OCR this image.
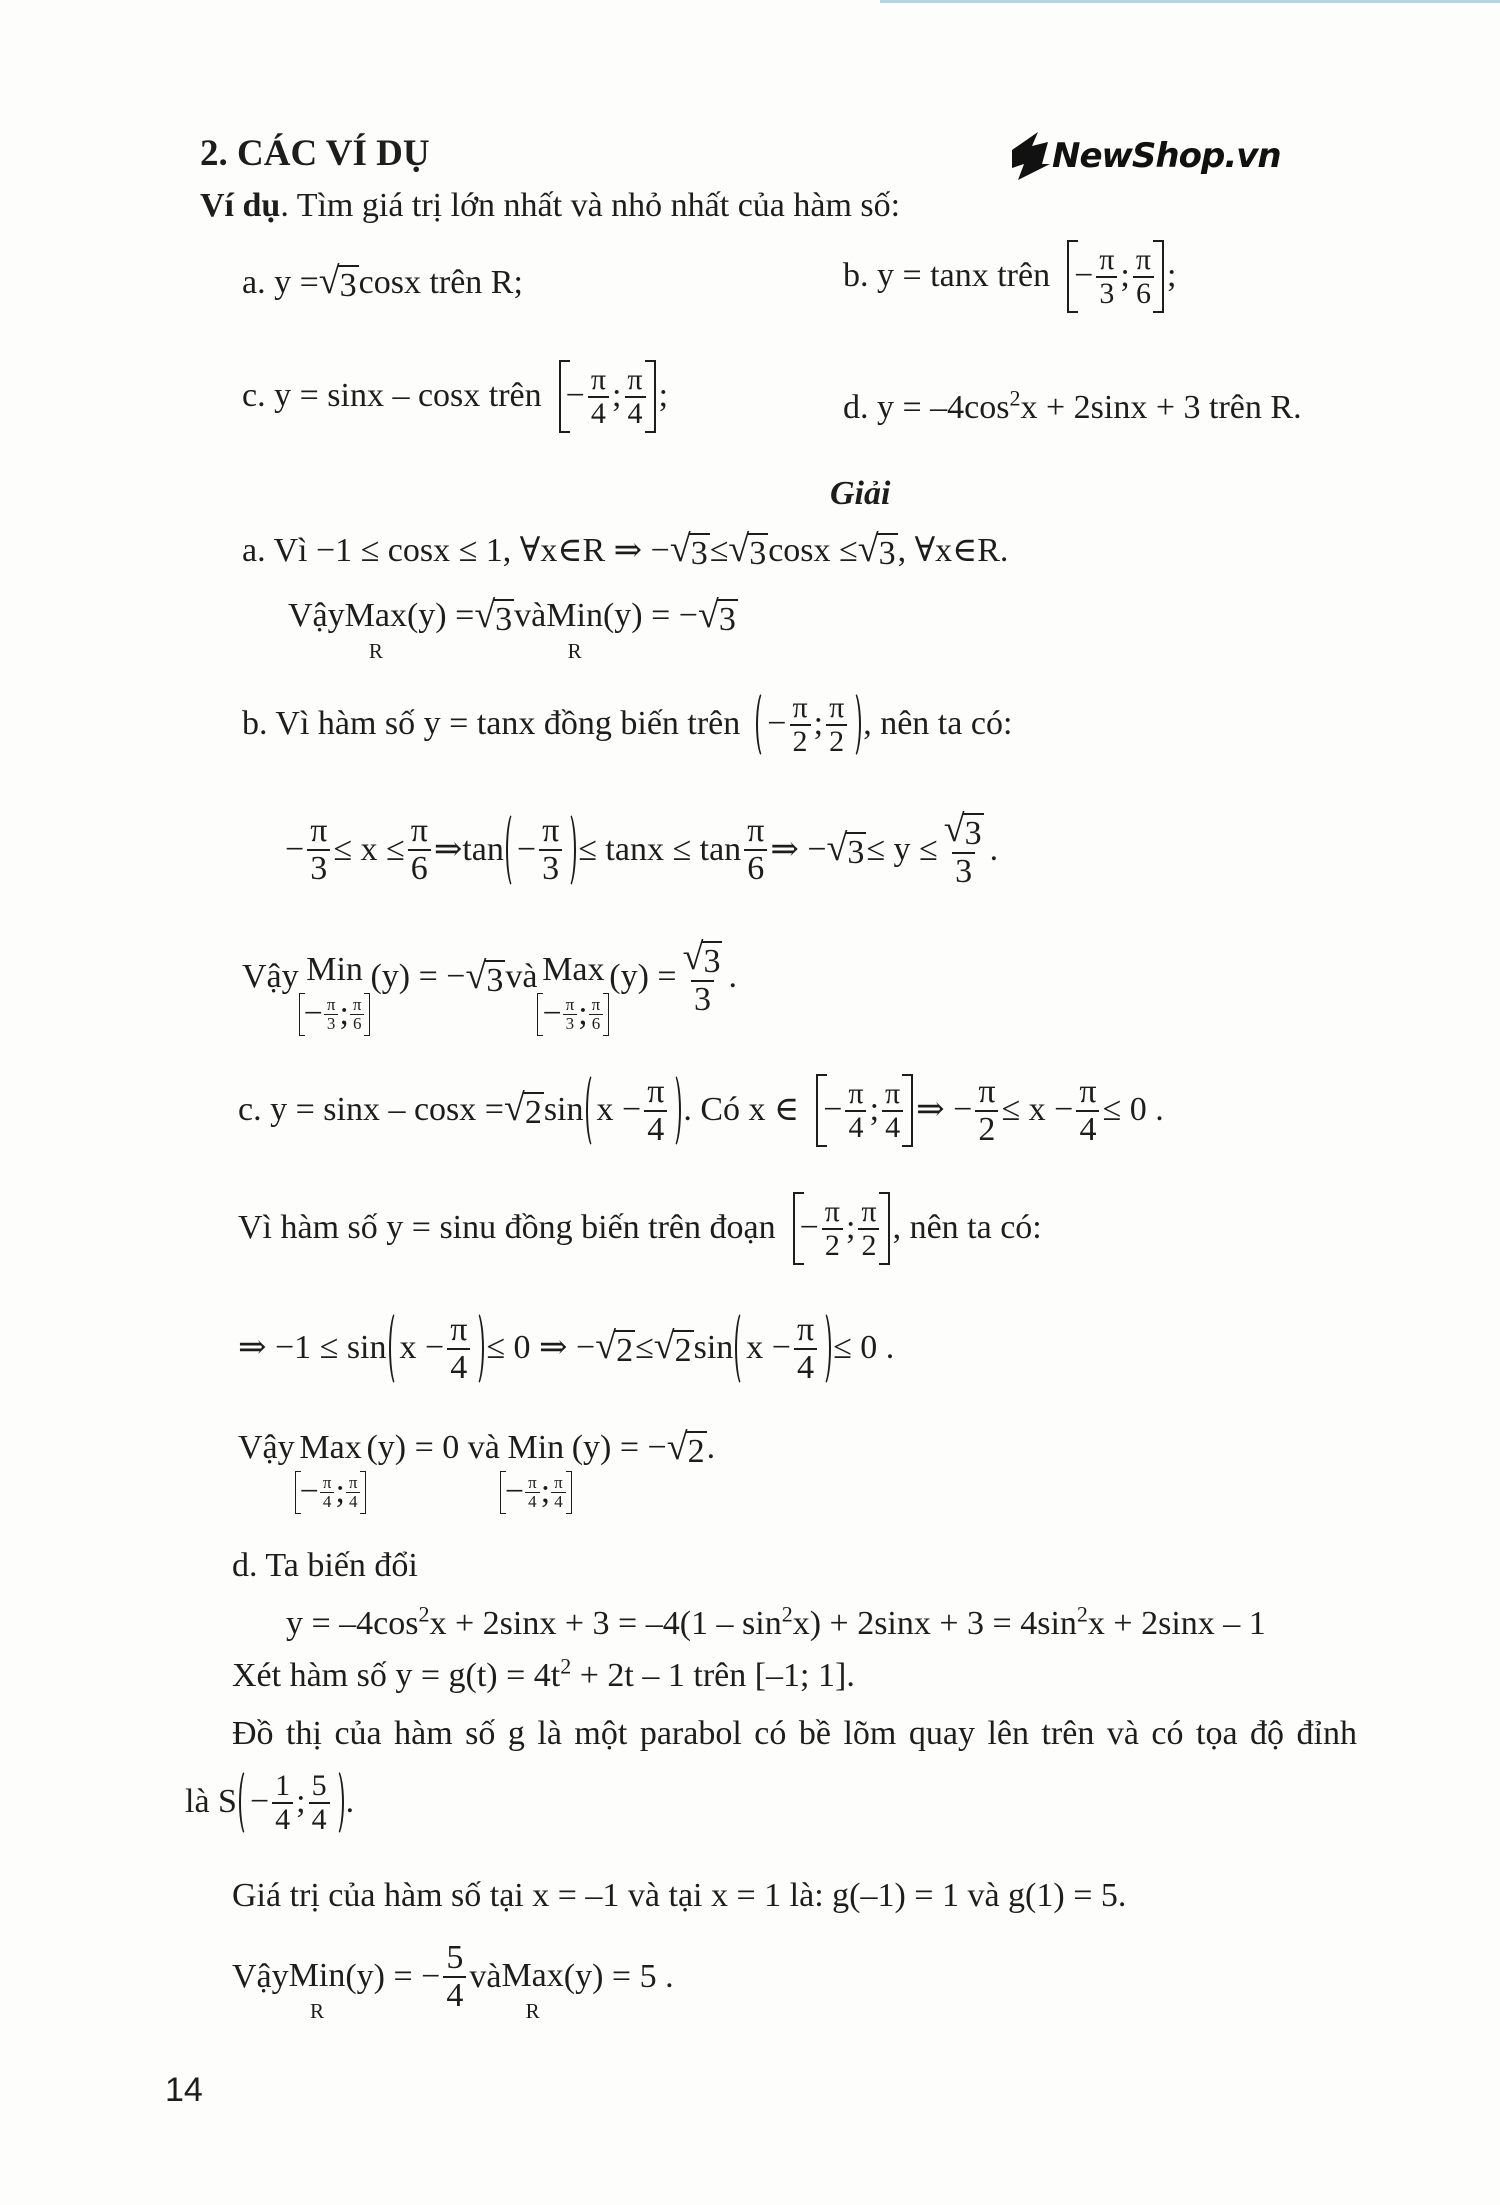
2. CÁC VÍ DỤ	NewShop.vn
Ví dụ. Tìm giá trị lớn nhất và nhỏ nhất của hàm số:
a. y = √ 3 cosx trên R;	b. y = tanx trên − $\frac{\pi}{3}$ ; π
6 ;
c. y = sinx – cosx trên − $\frac{\pi}{4}$ ; π
4 ;	d. $y = -4\cos^2x + 2\sin x + 3$ trên R.
Giải
a. Vì −1 ≤ cosx ≤ 1, ∀x∈R ⇒ − √ 3 ≤ √ 3 cosx ≤ √ 3 , ∀x∈R.
Vậy Max
R
(y) = √ 3 và Min
R
(y) = − √ 3
b. Vì hàm số y = tanx đồng biến trên − $\frac{\pi}{2}$ ; π
2 , nên ta có:
− $\frac{\pi}{3} \le x \le \frac{\pi}{6}$ ⇒ $\tan - \frac{\pi}{3} \le \tan x \le \tan \pi$
6
⇒ − √ $3 \le y \le \frac{√ 3}{3}$ .
Vậy Min
− $\frac{\pi}{3}$ ; π
6
(y) = − √ 3 và Max
− $\frac{\pi}{3}$ ; π
6
$(y) = \frac{√ 3}{3}$ .
c. y = sinx – cosx = √ 2 $\sin x - \frac{\pi}{4}$ . Có x ∈ − $\frac{\pi}{4}$ ; π
4 ⇒ − $\frac{\pi}{2} \le x - \frac{\pi}{4} \le 0$ .
Vì hàm số y = sinu đồng biến trên đoạn − $\frac{\pi}{2}$ ; π
2 , nên ta có:
⇒ $-1 \le \sin x - \frac{\pi}{4} \le 0$ ⇒ − √ 2 ≤ √ 2 $\sin x - \frac{\pi}{4} \le 0$ .
Vậy Max
− $\frac{\pi}{4}$ ; π
4
(y) = 0 và Min
− $\frac{\pi}{4}$ ; π
4
(y) = − √ 2 .
d. Ta biến đổi
$y = -4\cos^2x + 2\sin x + 3 = -4(1 - \sin^2x) + 2\sin x + 3 = 4\sin^2x + 2\sin x - 1$
Xét hàm số $y = g(t) = 4t^2 + 2t - 1$ trên [–1; 1].
Đồ thị của hàm số g là một parabol có bề lõm quay lên trên và có tọa độ đỉnh
là $S - \frac{1}{4}$ ; 5
4 .
Giá trị của hàm số tại x = –1 và tại x = 1 là: g(–1) = 1 và g(1) = 5.
Vậy Min
R
(y) = − $\frac{5}{4}$ và Max
R
(y) = 5 .
14
